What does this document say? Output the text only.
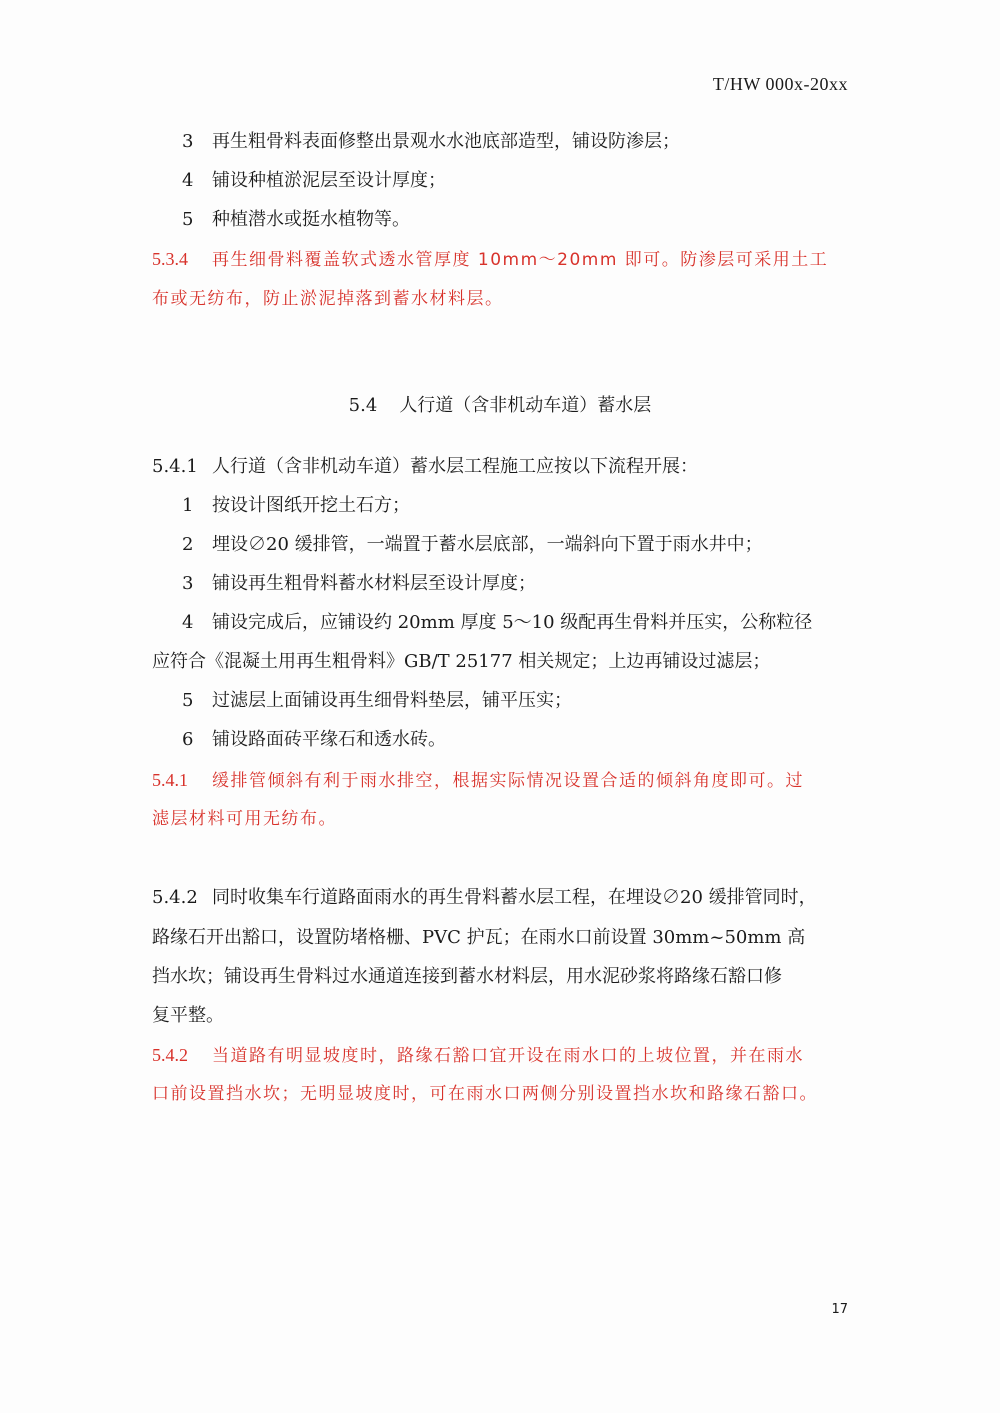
T/HW 000x-20xx
3 再生粗骨料表面修整出景观水水池底部造型，铺设防渗层；
4 铺设种植淤泥层至设计厚度；
5 种植潜水或挺水植物等。
5.3.4 再生细骨料覆盖软式透水管厚度 10mm～20mm 即可。防渗层可采用土工
布或无纺布，防止淤泥掉落到蓄水材料层。
5.4 人行道（含非机动车道）蓄水层
5.4.1 人行道（含非机动车道）蓄水层工程施工应按以下流程开展：
1 按设计图纸开挖土石方；
2 埋设∅20 缓排管，一端置于蓄水层底部，一端斜向下置于雨水井中；
3 铺设再生粗骨料蓄水材料层至设计厚度；
4 铺设完成后，应铺设约 20mm 厚度 5～10 级配再生骨料并压实，公称粒径
应符合《混凝土用再生粗骨料》GB/T 25177 相关规定；上边再铺设过滤层；
5 过滤层上面铺设再生细骨料垫层，铺平压实；
6 铺设路面砖平缘石和透水砖。
5.4.1 缓排管倾斜有利于雨水排空，根据实际情况设置合适的倾斜角度即可。过
滤层材料可用无纺布。
5.4.2 同时收集车行道路面雨水的再生骨料蓄水层工程，在埋设∅20 缓排管同时，
路缘石开出豁口，设置防堵格栅、PVC 护瓦；在雨水口前设置 30mm~50mm 高
挡水坎；铺设再生骨料过水通道连接到蓄水材料层，用水泥砂浆将路缘石豁口修
复平整。
5.4.2 当道路有明显坡度时，路缘石豁口宜开设在雨水口的上坡位置，并在雨水
口前设置挡水坎；无明显坡度时，可在雨水口两侧分别设置挡水坎和路缘石豁口。
17
